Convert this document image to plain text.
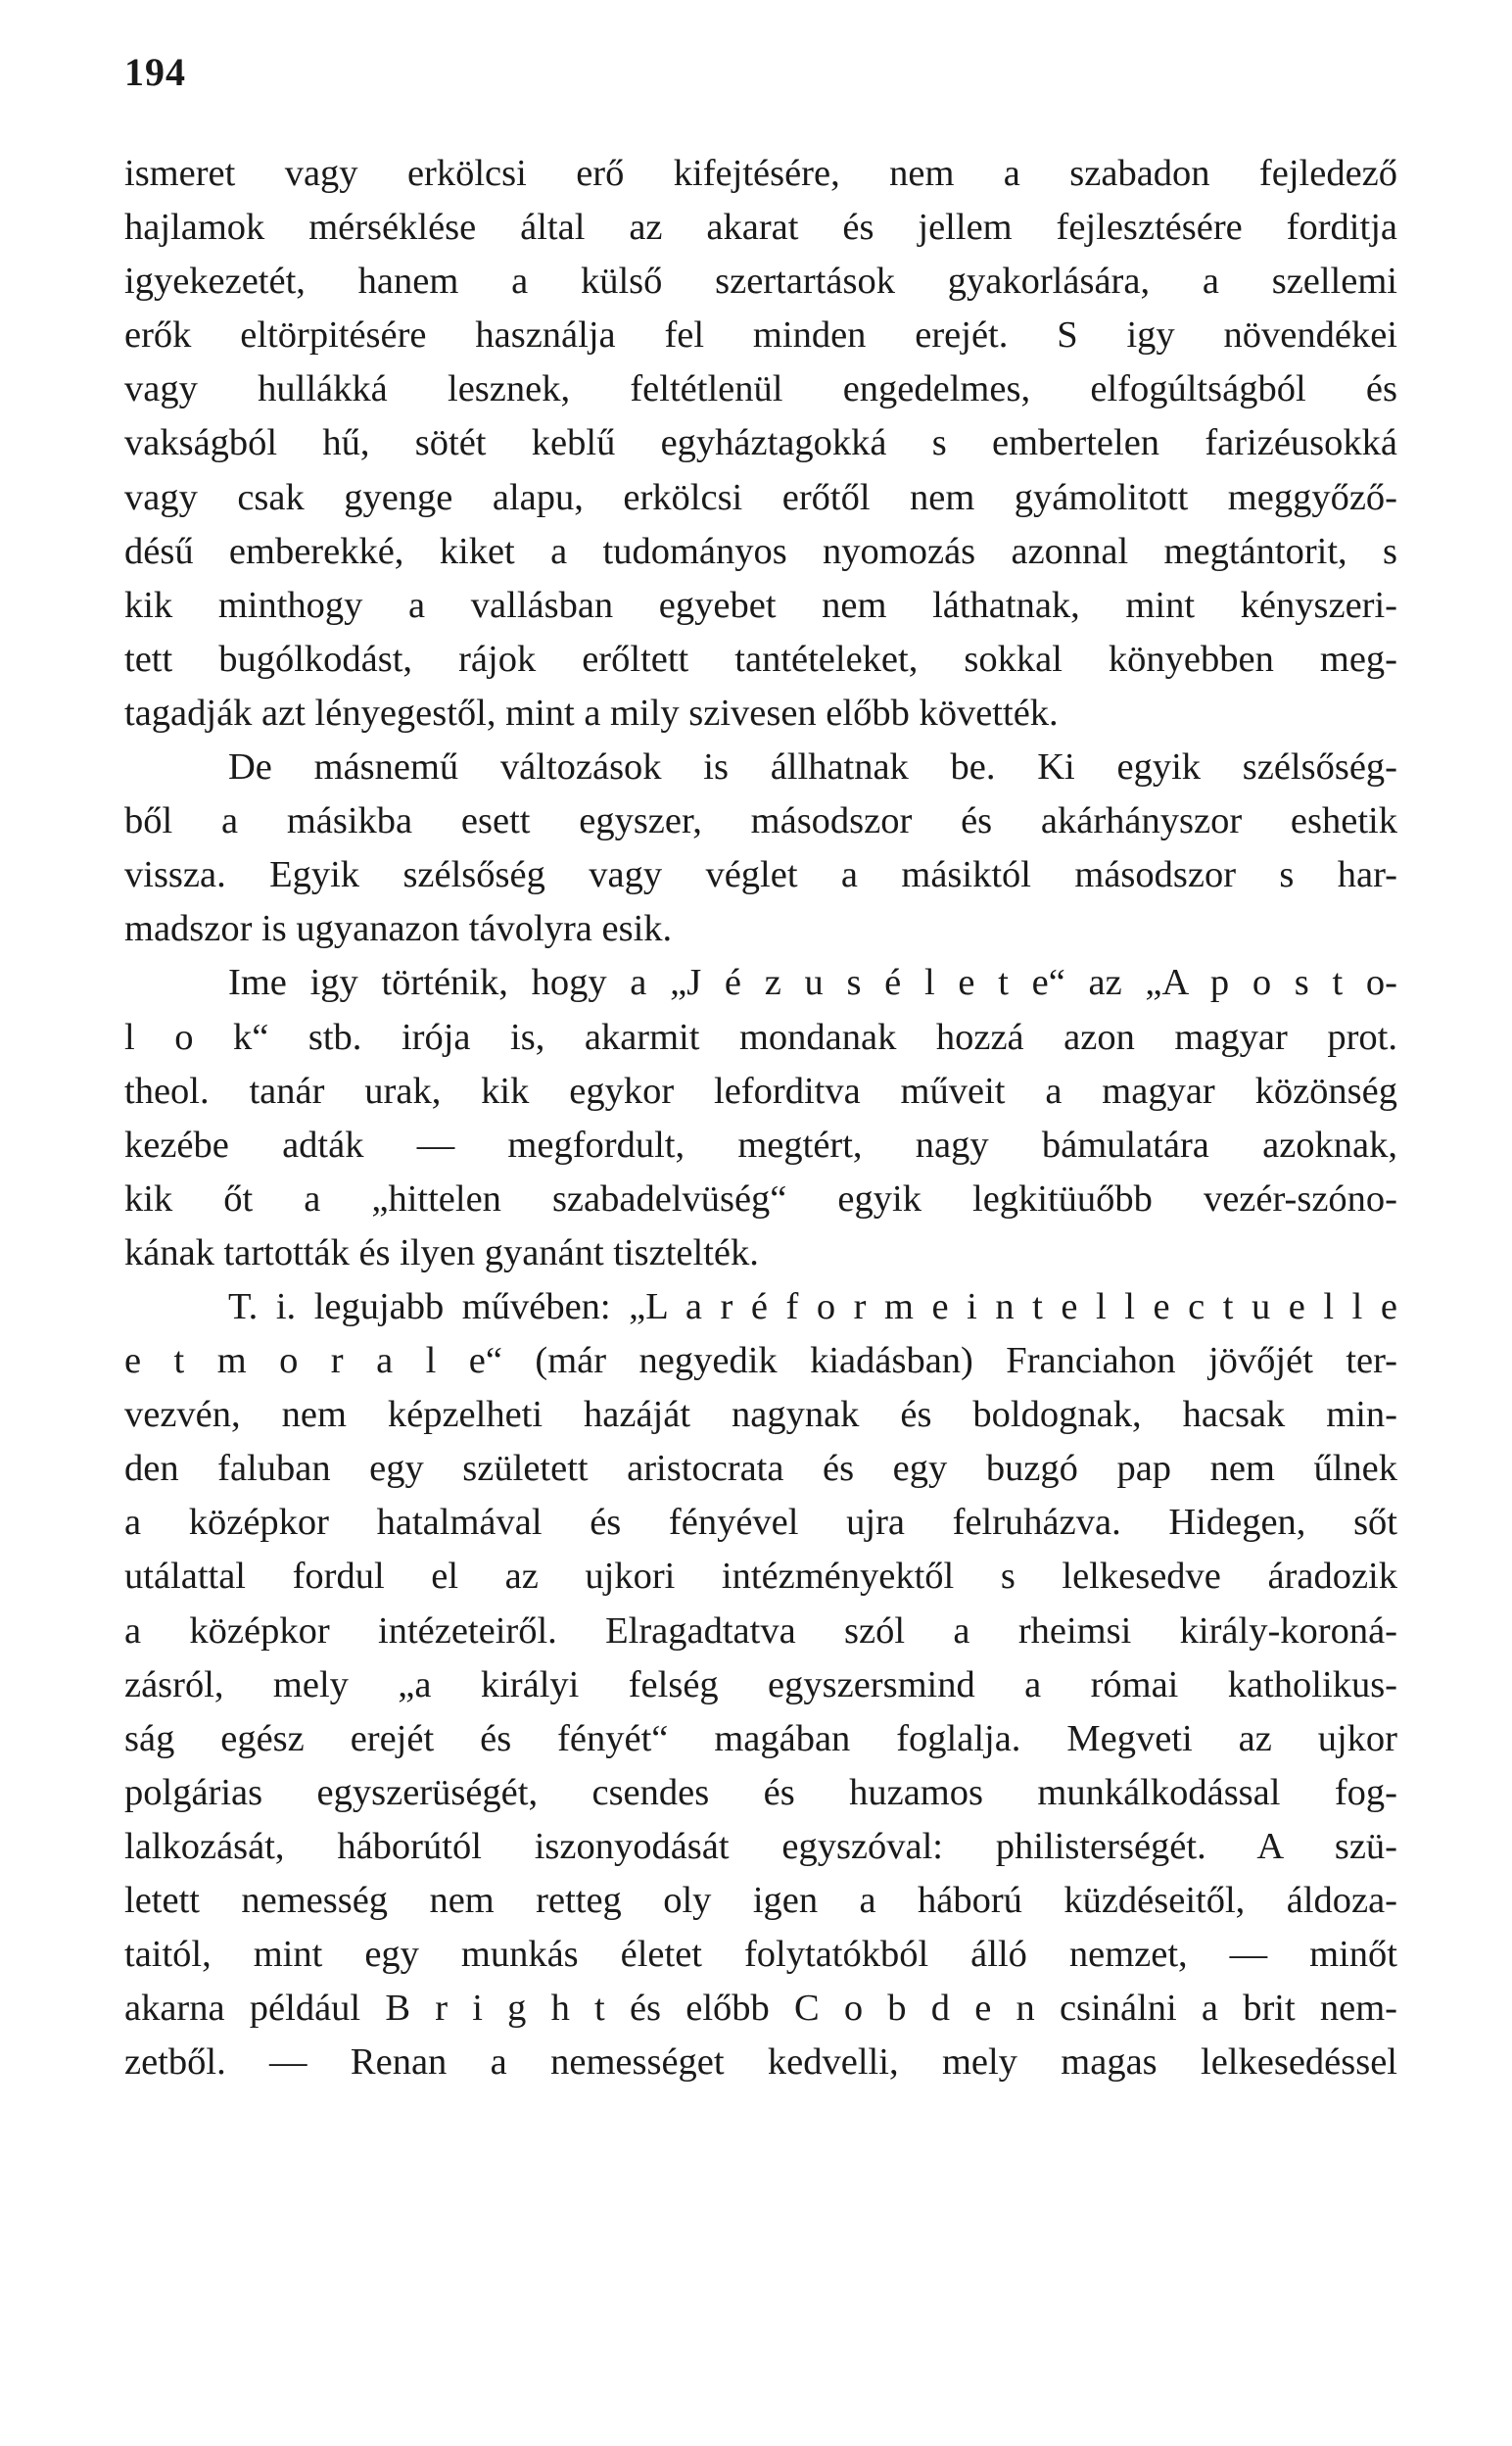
194
ismeret vagy erkölcsi erő kifejtésére, nem a szabadon fejledező
hajlamok mérséklése által az akarat és jellem fejlesztésére forditja
igyekezetét, hanem a külső szertartások gyakorlására, a szellemi
erők eltörpitésére használja fel minden erejét. S igy növendékei
vagy hullákká lesznek, feltétlenül engedelmes, elfogúltságból és
vakságból hű, sötét keblű egyháztagokká s embertelen farizéusokká
vagy csak gyenge alapu, erkölcsi erőtől nem gyámolitott meggyőző-
désű emberekké, kiket a tudományos nyomozás azonnal megtántorit, s
kik minthogy a vallásban egyebet nem láthatnak, mint kényszeri-
tett bugólkodást, rájok erőltett tantételeket, sokkal könyebben meg-
tagadják azt lényegestől, mint a mily szivesen előbb követték.
De másnemű változások is állhatnak be. Ki egyik szélsőség-
ből a másikba esett egyszer, másodszor és akárhányszor eshetik
vissza. Egyik szélsőség vagy véglet a másiktól másodszor s har-
madszor is ugyanazon távolyra esik.
Ime igy történik, hogy a „J é z u s é l e t e“ az „A p o s t o-
l o k“ stb. irója is, akarmit mondanak hozzá azon magyar prot.
theol. tanár urak, kik egykor leforditva műveit a magyar közönség
kezébe adták — megfordult, megtért, nagy bámulatára azoknak,
kik őt a „hittelen szabadelvüség“ egyik legkitüuőbb vezér-szóno-
kának tartották és ilyen gyanánt tisztelték.
T. i. legujabb művében: „L a r é f o r m e i n t e l l e c t u e l l e
e t m o r a l e“ (már negyedik kiadásban) Franciahon jövőjét ter-
vezvén, nem képzelheti hazáját nagynak és boldognak, hacsak min-
den faluban egy született aristocrata és egy buzgó pap nem űlnek
a középkor hatalmával és fényével ujra felruházva. Hidegen, sőt
utálattal fordul el az ujkori intézményektől s lelkesedve áradozik
a középkor intézeteiről. Elragadtatva szól a rheimsi király-koroná-
zásról, mely „a királyi felség egyszersmind a római katholikus-
ság egész erejét és fényét“ magában foglalja. Megveti az ujkor
polgárias egyszerüségét, csendes és huzamos munkálkodással fog-
lalkozását, háborútól iszonyodását egyszóval: philisterségét. A szü-
letett nemesség nem retteg oly igen a háború küzdéseitől, áldoza-
taitól, mint egy munkás életet folytatókból álló nemzet, — minőt
akarna például B r i g h t és előbb C o b d e n csinálni a brit nem-
zetből. — Renan a nemességet kedvelli, mely magas lelkesedéssel
